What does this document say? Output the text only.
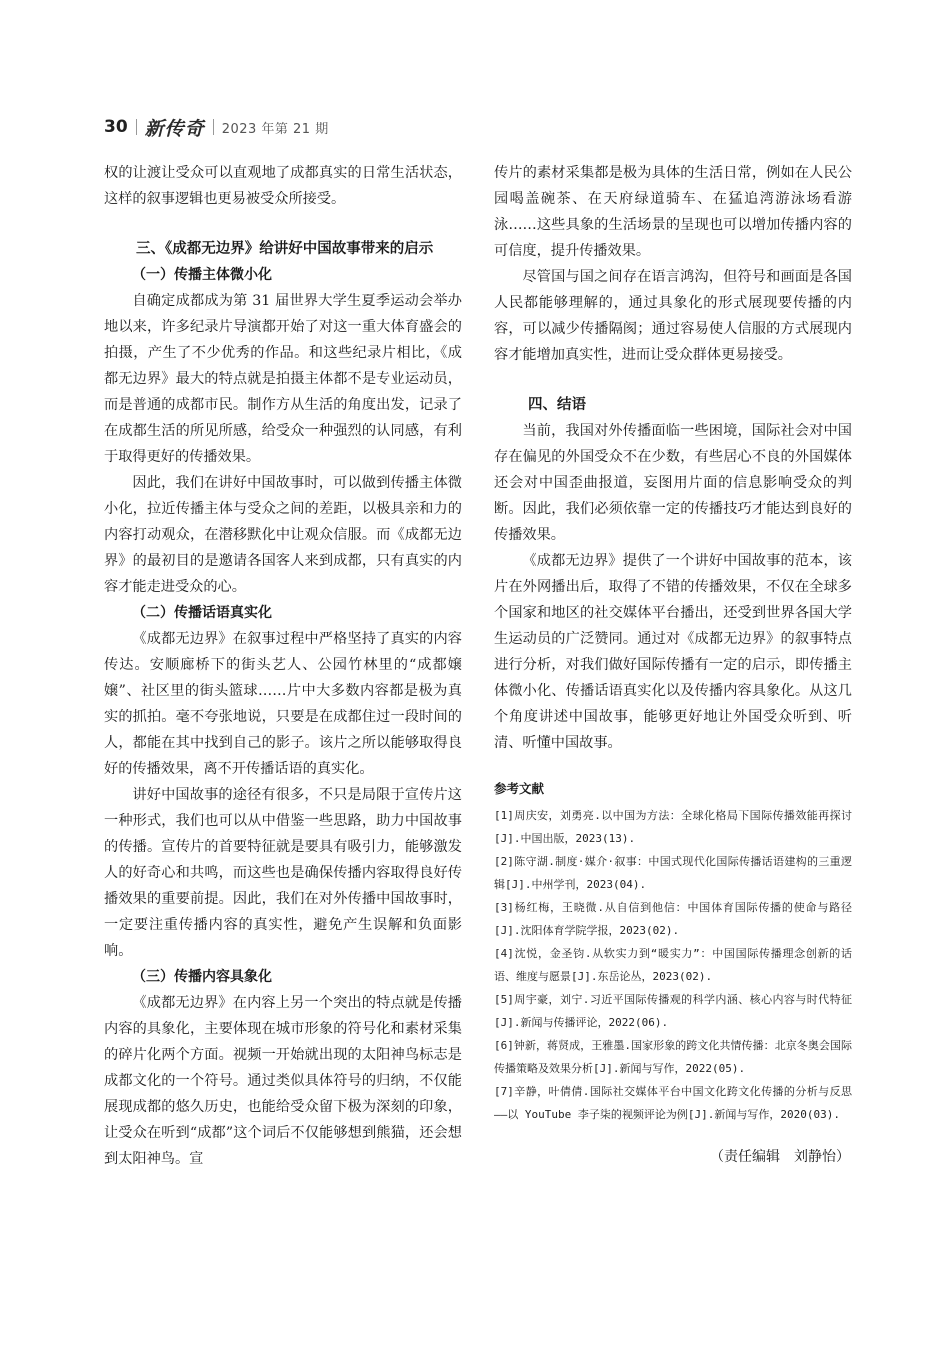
30 新传奇 2023 年第 21 期

权的让渡让受众可以直观地了成都真实的日常生活状态，这样的叙事逻辑也更易被受众所接受。

三、《成都无边界》给讲好中国故事带来的启示

（一）传播主体微小化

自确定成都成为第 31 届世界大学生夏季运动会举办地以来，许多纪录片导演都开始了对这一重大体育盛会的拍摄，产生了不少优秀的作品。和这些纪录片相比，《成都无边界》最大的特点就是拍摄主体都不是专业运动员，而是普通的成都市民。制作方从生活的角度出发，记录了在成都生活的所见所感，给受众一种强烈的认同感，有利于取得更好的传播效果。

因此，我们在讲好中国故事时，可以做到传播主体微小化，拉近传播主体与受众之间的差距，以极具亲和力的内容打动观众，在潜移默化中让观众信服。而《成都无边界》的最初目的是邀请各国客人来到成都，只有真实的内容才能走进受众的心。

（二）传播话语真实化

《成都无边界》在叙事过程中严格坚持了真实的内容传达。安顺廊桥下的街头艺人、公园竹林里的“成都嬢嬢”、社区里的街头篮球……片中大多数内容都是极为真实的抓拍。毫不夸张地说，只要是在成都住过一段时间的人，都能在其中找到自己的影子。该片之所以能够取得良好的传播效果，离不开传播话语的真实化。

讲好中国故事的途径有很多，不只是局限于宣传片这一种形式，我们也可以从中借鉴一些思路，助力中国故事的传播。宣传片的首要特征就是要具有吸引力，能够激发人的好奇心和共鸣，而这些也是确保传播内容取得良好传播效果的重要前提。因此，我们在对外传播中国故事时，一定要注重传播内容的真实性，避免产生误解和负面影响。

（三）传播内容具象化

《成都无边界》在内容上另一个突出的特点就是传播内容的具象化，主要体现在城市形象的符号化和素材采集的碎片化两个方面。视频一开始就出现的太阳神鸟标志是成都文化的一个符号。通过类似具体符号的归纳，不仅能展现成都的悠久历史，也能给受众留下极为深刻的印象，让受众在听到“成都”这个词后不仅能够想到熊猫，还会想到太阳神鸟。宣

传片的素材采集都是极为具体的生活日常，例如在人民公园喝盖碗茶、在天府绿道骑车、在猛追湾游泳场看游泳……这些具象的生活场景的呈现也可以增加传播内容的可信度，提升传播效果。

尽管国与国之间存在语言鸿沟，但符号和画面是各国人民都能够理解的，通过具象化的形式展现要传播的内容，可以减少传播隔阂；通过容易使人信服的方式展现内容才能增加真实性，进而让受众群体更易接受。

四、结语

当前，我国对外传播面临一些困境，国际社会对中国存在偏见的外国受众不在少数，有些居心不良的外国媒体还会对中国歪曲报道，妄图用片面的信息影响受众的判断。因此，我们必须依靠一定的传播技巧才能达到良好的传播效果。

《成都无边界》提供了一个讲好中国故事的范本，该片在外网播出后，取得了不错的传播效果，不仅在全球多个国家和地区的社交媒体平台播出，还受到世界各国大学生运动员的广泛赞同。通过对《成都无边界》的叙事特点进行分析，对我们做好国际传播有一定的启示，即传播主体微小化、传播话语真实化以及传播内容具象化。从这几个角度讲述中国故事，能够更好地让外国受众听到、听清、听懂中国故事。

参考文献

[1]周庆安，刘勇亮.以中国为方法：全球化格局下国际传播效能再探讨[J].中国出版，2023(13).

[2]陈守湖.制度·媒介·叙事：中国式现代化国际传播话语建构的三重逻辑[J].中州学刊，2023(04).

[3]杨红梅，王晓微.从自信到他信：中国体育国际传播的使命与路径[J].沈阳体育学院学报，2023(02).

[4]沈悦，金圣钧.从软实力到“暖实力”：中国国际传播理念创新的话语、维度与愿景[J].东岳论丛，2023(02).

[5]周宇豪，刘宁.习近平国际传播观的科学内涵、核心内容与时代特征[J].新闻与传播评论，2022(06).

[6]钟新，蒋贤成，王雅墨.国家形象的跨文化共情传播：北京冬奥会国际传播策略及效果分析[J].新闻与写作，2022(05).

[7]辛静，叶倩倩.国际社交媒体平台中国文化跨文化传播的分析与反思——以 YouTube 李子柒的视频评论为例[J].新闻与写作，2020(03).

（责任编辑　刘静怡）
